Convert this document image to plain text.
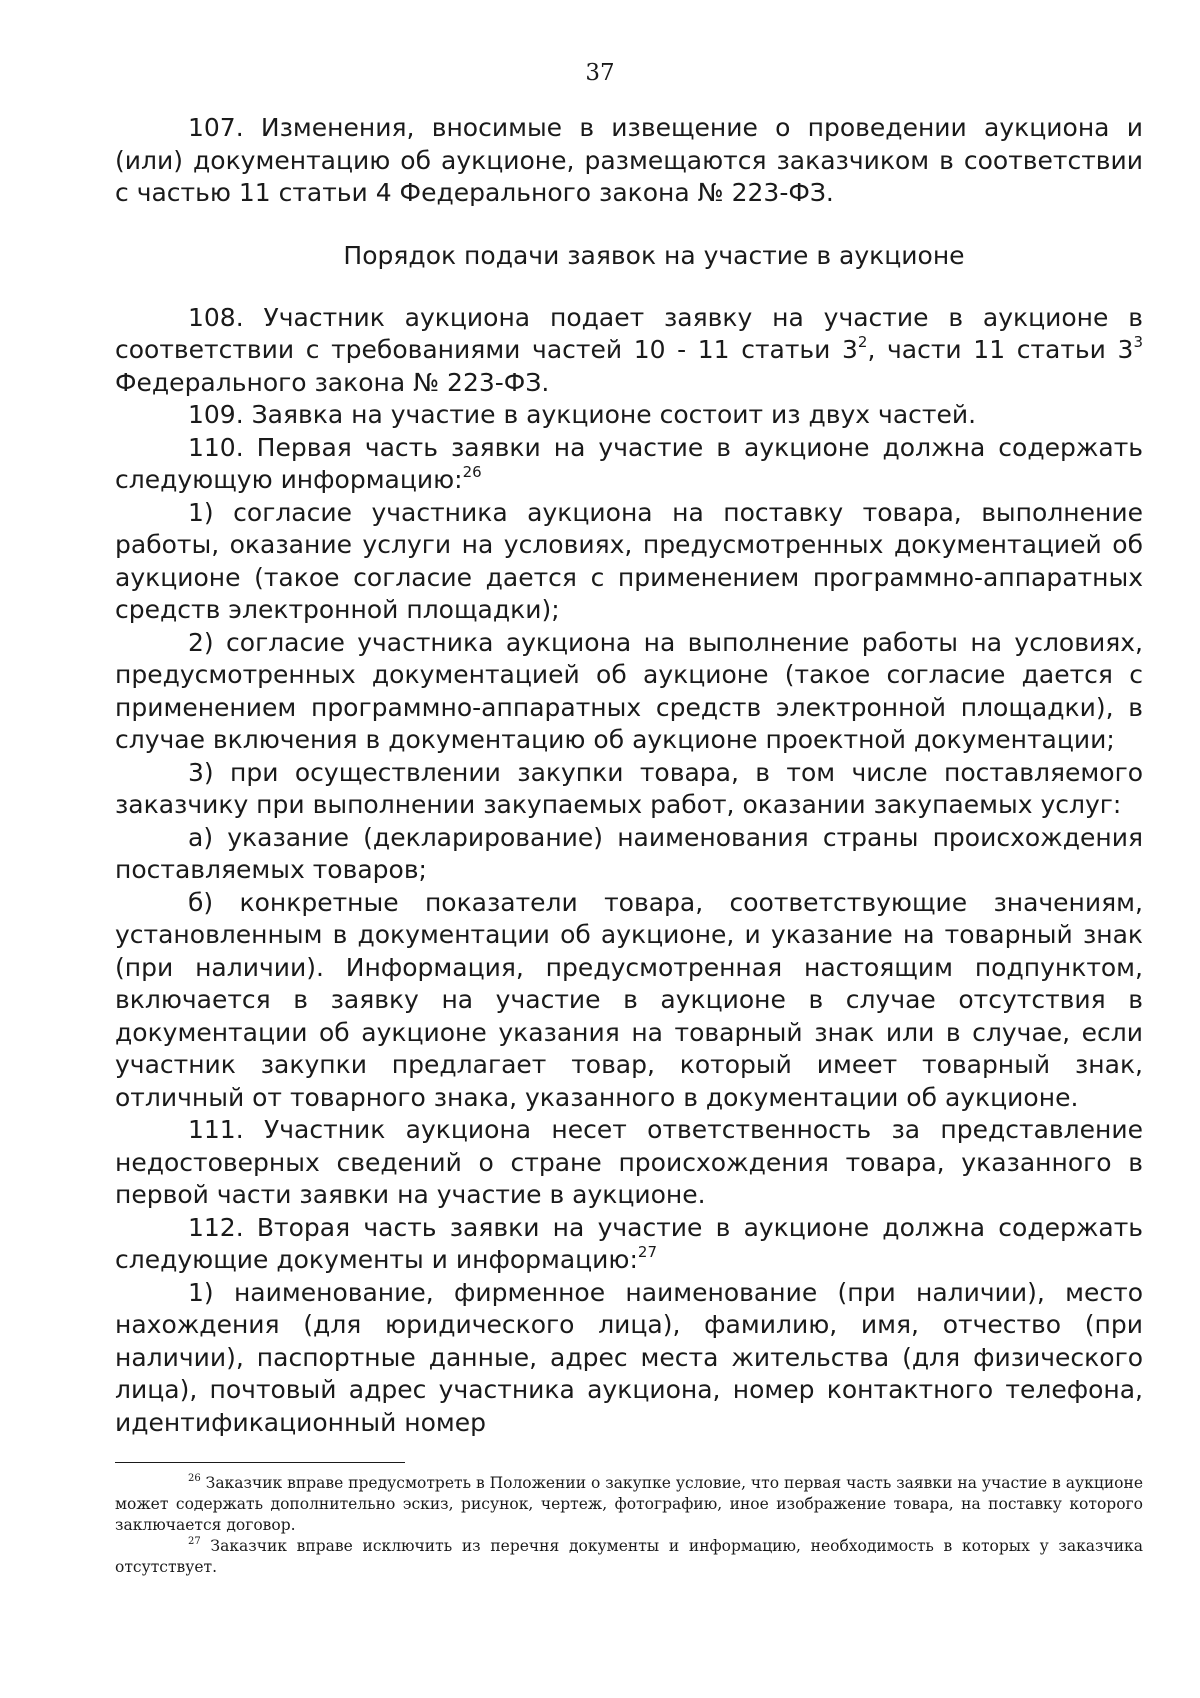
37

107. Изменения, вносимые в извещение о проведении аукциона и (или) документацию об аукционе, размещаются заказчиком в соответствии с частью 11 статьи 4 Федерального закона № 223-ФЗ.

Порядок подачи заявок на участие в аукционе

108. Участник аукциона подает заявку на участие в аукционе в соответствии с требованиями частей 10 - 11 статьи $3^2$, части 11 статьи $3^3$ Федерального закона № 223-ФЗ.

109. Заявка на участие в аукционе состоит из двух частей.

110. Первая часть заявки на участие в аукционе должна содержать следующую информацию:$^{26}$

1) согласие участника аукциона на поставку товара, выполнение работы, оказание услуги на условиях, предусмотренных документацией об аукционе (такое согласие дается с применением программно-аппаратных средств электронной площадки);

2) согласие участника аукциона на выполнение работы на условиях, предусмотренных документацией об аукционе (такое согласие дается с применением программно-аппаратных средств электронной площадки), в случае включения в документацию об аукционе проектной документации;

3) при осуществлении закупки товара, в том числе поставляемого заказчику при выполнении закупаемых работ, оказании закупаемых услуг:

а) указание (декларирование) наименования страны происхождения поставляемых товаров;

б) конкретные показатели товара, соответствующие значениям, установленным в документации об аукционе, и указание на товарный знак (при наличии). Информация, предусмотренная настоящим подпунктом, включается в заявку на участие в аукционе в случае отсутствия в документации об аукционе указания на товарный знак или в случае, если участник закупки предлагает товар, который имеет товарный знак, отличный от товарного знака, указанного в документации об аукционе.

111. Участник аукциона несет ответственность за представление недостоверных сведений о стране происхождения товара, указанного в первой части заявки на участие в аукционе.

112. Вторая часть заявки на участие в аукционе должна содержать следующие документы и информацию:$^{27}$

1) наименование, фирменное наименование (при наличии), место нахождения (для юридического лица), фамилию, имя, отчество (при наличии), паспортные данные, адрес места жительства (для физического лица), почтовый адрес участника аукциона, номер контактного телефона, идентификационный номер

$^{26}$ Заказчик вправе предусмотреть в Положении о закупке условие, что первая часть заявки на участие в аукционе может содержать дополнительно эскиз, рисунок, чертеж, фотографию, иное изображение товара, на поставку которого заключается договор.

$^{27}$ Заказчик вправе исключить из перечня документы и информацию, необходимость в которых у заказчика отсутствует.
